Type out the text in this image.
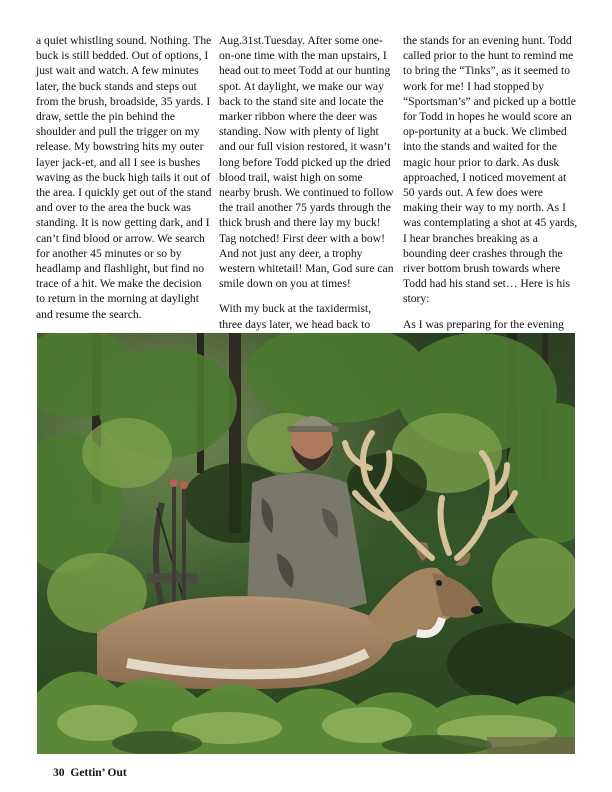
a quiet whistling sound. Nothing. The buck is still bedded. Out of options, I just wait and watch. A few minutes later, the buck stands and steps out from the brush, broadside, 35 yards. I draw, settle the pin behind the shoulder and pull the trigger on my release. My bowstring hits my outer layer jack-et, and all I see is bushes waving as the buck high tails it out of the area. I quickly get out of the stand and over to the area the buck was standing. It is now getting dark, and I can’t find blood or arrow. We search for another 45 minutes or so by headlamp and flashlight, but find no trace of a hit. We make the decision to return in the morning at daylight and resume the search.

Aug.31st.Tuesday. After some one-on-one time with the man upstairs, I head out to meet Todd at our hunting spot. At daylight, we make our way back to the stand site and locate the marker ribbon where the deer was standing. Now with plenty of light and our full vision restored, it wasn’t long before Todd picked up the dried blood trail, waist high on some nearby brush. We continued to follow the trail another 75 yards through the thick brush and there lay my buck! Tag notched! First deer with a bow! And not just any deer, a trophy western whitetail! Man, God sure can smile down on you at times!

With my buck at the taxidermist, three days later, we head back to

the stands for an evening hunt. Todd called prior to the hunt to remind me to bring the “Tinks”, as it seemed to work for me! I had stopped by “Sportsman’s” and picked up a bottle for Todd in hopes he would score an op-portunity at a buck. We climbed into the stands and waited for the magic hour prior to dark. As dusk approached, I noticed movement at 50 yards out. A few does were making their way to my north. As I was contemplating a shot at 45 yards, I hear branches breaking as a bounding deer crashes through the river bottom brush towards where Todd had his stand set… Here is his story:

As I was preparing for the evening

30 Gettin’ Out
